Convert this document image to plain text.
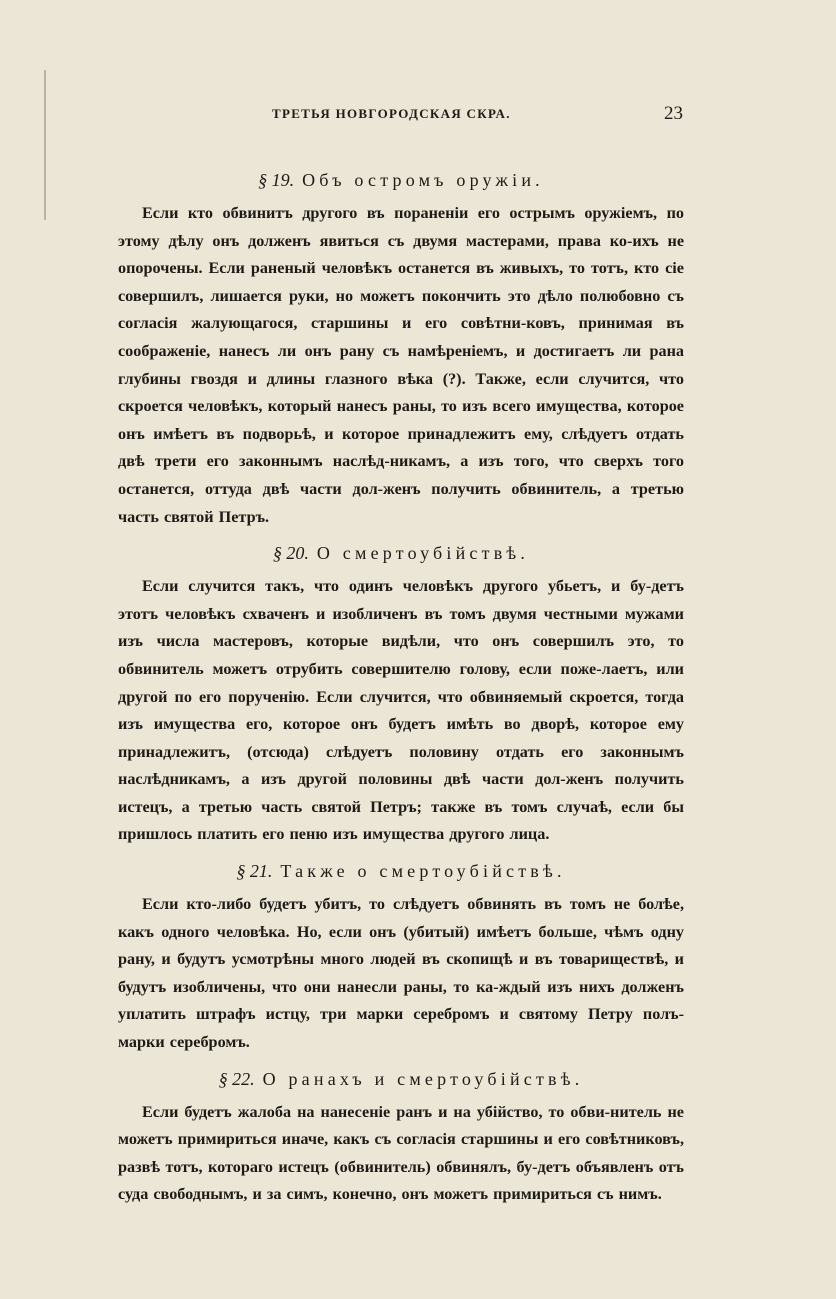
ТРЕТЬЯ НОВГОРОДСКАЯ СКРА.	23
§ 19. Объ остромъ оружіи.

Если кто обвинитъ другого въ пораненіи его острымъ оружіемъ, по этому дѣлу онъ долженъ явиться съ двумя мастерами, права ко-ихъ не опорочены. Если раненый человѣкъ останется въ живыхъ, то тотъ, кто сіе совершилъ, лишается руки, но можетъ покончить это дѣло полюбовно съ согласія жалующагося, старшины и его совѣтни-ковъ, принимая въ соображеніе, нанесъ ли онъ рану съ намѣреніемъ, и достигаетъ ли рана глубины гвоздя и длины глазного вѣка (?). Также, если случится, что скроется человѣкъ, который нанесъ раны, то изъ всего имущества, которое онъ имѣетъ въ подворьѣ, и которое принадлежитъ ему, слѣдуетъ отдать двѣ трети его законнымъ наслѣд-никамъ, а изъ того, что сверхъ того останется, оттуда двѣ части дол-женъ получить обвинитель, а третью часть святой Петръ.

§ 20. О смертоубійствѣ.

Если случится такъ, что одинъ человѣкъ другого убьетъ, и бу-детъ этотъ человѣкъ схваченъ и изобличенъ въ томъ двумя честными мужами изъ числа мастеровъ, которые видѣли, что онъ совершилъ это, то обвинитель можетъ отрубить совершителю голову, если поже-лаетъ, или другой по его порученію. Если случится, что обвиняемый скроется, тогда изъ имущества его, которое онъ будетъ имѣть во дворѣ, которое ему принадлежитъ, (отсюда) слѣдуетъ половину отдать его законнымъ наслѣдникамъ, а изъ другой половины двѣ части дол-женъ получить истецъ, а третью часть святой Петръ; также въ томъ случаѣ, если бы пришлось платить его пеню изъ имущества другого лица.

§ 21. Также о смертоубійствѣ.

Если кто-либо будетъ убитъ, то слѣдуетъ обвинять въ томъ не болѣе, какъ одного человѣка. Но, если онъ (убитый) имѣетъ больше, чѣмъ одну рану, и будутъ усмотрѣны много людей въ скопищѣ и въ товариществѣ, и будутъ изобличены, что они нанесли раны, то ка-ждый изъ нихъ долженъ уплатить штрафъ истцу, три марки серебромъ и святому Петру полъ-марки серебромъ.

§ 22. О ранахъ и смертоубійствѣ.

Если будетъ жалоба на нанесеніе ранъ и на убійство, то обви-нитель не можетъ примириться иначе, какъ съ согласія старшины и его совѣтниковъ, развѣ тотъ, котораго истецъ (обвинитель) обвинялъ, бу-детъ объявленъ отъ суда свободнымъ, и за симъ, конечно, онъ можетъ примириться съ нимъ.
